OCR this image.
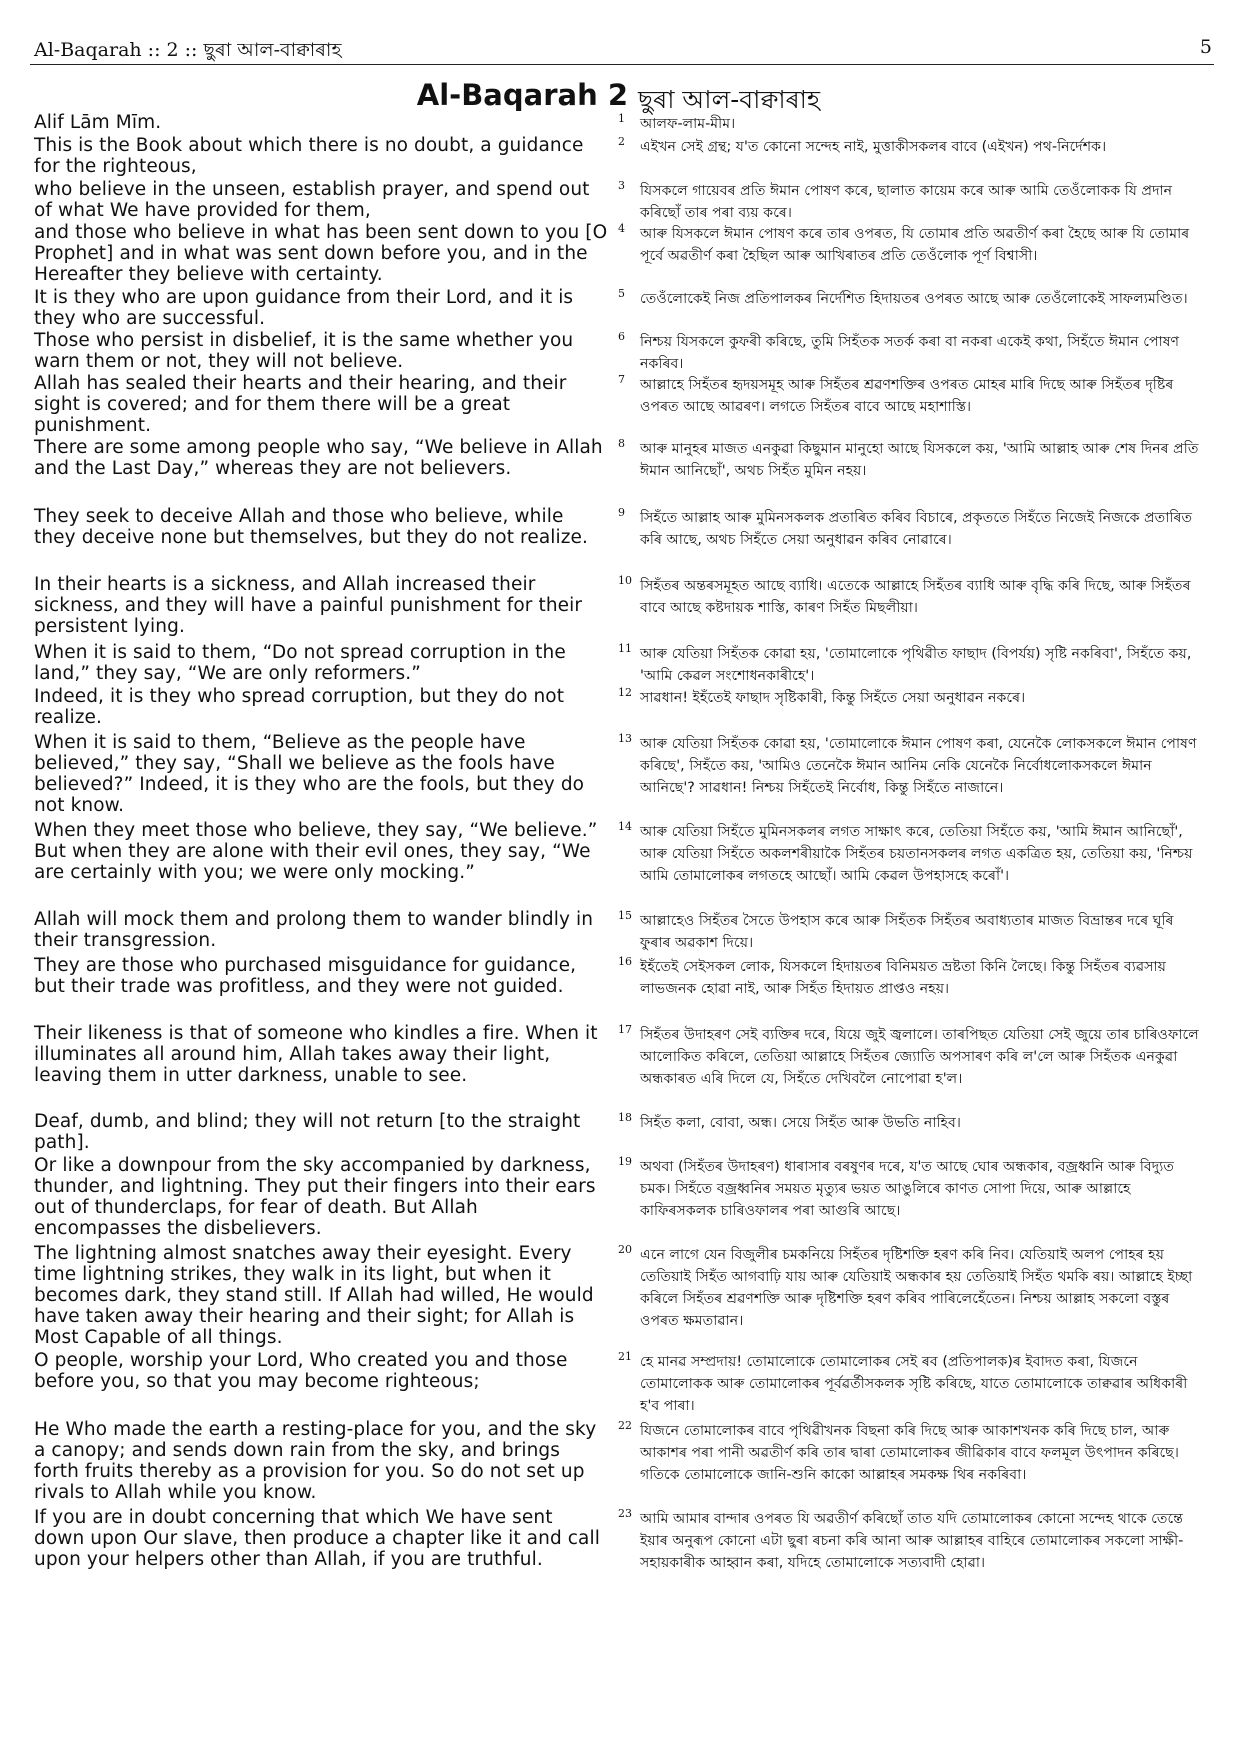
Al-Baqarah :: 2 :: ছুৰা আল-বাক্বাৰাহ	5
Al-Baqarah 2 ছুৰা আল-বাক্বাৰাহ
Alif Lām Mīm.	1 আলফ-লাম-মীম।
This is the Book about which there is no doubt, a guidance for the righteous,
2 এইখন সেই গ্ৰন্থ; য'ত কোনো সন্দেহ নাই, মুত্তাকীসকলৰ বাবে (এইখন) পথ-নিৰ্দেশক।
who believe in the unseen, establish prayer, and spend out of what We have provided for them,
3 যিসকলে গায়েবৰ প্ৰতি ঈমান পোষণ কৰে, ছালাত কায়েম কৰে আৰু আমি তেওঁলোকক যি প্ৰদান কৰিছোঁ তাৰ পৰা ব্যয় কৰে।
and those who believe in what has been sent down to you [O Prophet] and in what was sent down before you, and in the Hereafter they believe with certainty.
4 আৰু যিসকলে ঈমান পোষণ কৰে তাৰ ওপৰত, যি তোমাৰ প্ৰতি অৱতীৰ্ণ কৰা হৈছে আৰু যি তোমাৰ পূৰ্বে অৱতীৰ্ণ কৰা হৈছিল আৰু আখিৰাতৰ প্ৰতি তেওঁলোক পূৰ্ণ বিশ্বাসী।
It is they who are upon guidance from their Lord, and it is they who are successful.
5 তেওঁলোকেই নিজ প্ৰতিপালকৰ নিৰ্দেশিত হিদায়তৰ ওপৰত আছে আৰু তেওঁলোকেই সাফল্যমণ্ডিত।
Those who persist in disbelief, it is the same whether you warn them or not, they will not believe.
6 নিশ্চয় যিসকলে কুফৰী কৰিছে, তুমি সিহঁতক সতৰ্ক কৰা বা নকৰা একেই কথা, সিহঁতে ঈমান পোষণ নকৰিব।
Allah has sealed their hearts and their hearing, and their sight is covered; and for them there will be a great punishment.
7 আল্লাহে সিহঁতৰ হৃদয়সমূহ আৰু সিহঁতৰ শ্ৰৱণশক্তিৰ ওপৰত মোহৰ মাৰি দিছে আৰু সিহঁতৰ দৃষ্টিৰ ওপৰত আছে আৱৰণ। লগতে সিহঁতৰ বাবে আছে মহাশাস্তি।
There are some among people who say, “We believe in Allah and the Last Day,” whereas they are not believers.
8 আৰু মানুহৰ মাজত এনকুৱা কিছুমান মানুহো আছে যিসকলে কয়, 'আমি আল্লাহ আৰু শেষ দিনৰ প্ৰতি ঈমান আনিছোঁ', অথচ সিহঁত মুমিন নহয়।
They seek to deceive Allah and those who believe, while they deceive none but themselves, but they do not realize.
9 সিহঁতে আল্লাহ আৰু মুমিনসকলক প্ৰতাৰিত কৰিব বিচাৰে, প্ৰকৃততে সিহঁতে নিজেই নিজকে প্ৰতাৰিত কৰি আছে, অথচ সিহঁতে সেয়া অনুধাৱন কৰিব নোৱাৰে।
In their hearts is a sickness, and Allah increased their sickness, and they will have a painful punishment for their persistent lying.
10 সিহঁতৰ অন্তৰসমূহত আছে ব্যাধি। এতেকে আল্লাহে সিহঁতৰ ব্যাধি আৰু বৃদ্ধি কৰি দিছে, আৰু সিহঁতৰ বাবে আছে কষ্টদায়ক শাস্তি, কাৰণ সিহঁত মিছলীয়া।
When it is said to them, “Do not spread corruption in the land,” they say, “We are only reformers.”
11 আৰু যেতিয়া সিহঁতক কোৱা হয়, 'তোমালোকে পৃথিৱীত ফাছাদ (বিপৰ্যয়) সৃষ্টি নকৰিবা', সিহঁতে কয়, 'আমি কেৱল সংশোধনকাৰীহে'।
Indeed, it is they who spread corruption, but they do not realize.
12 সাৱধান! ইহঁতেই ফাছাদ সৃষ্টিকাৰী, কিন্তু সিহঁতে সেয়া অনুধাৱন নকৰে।
When it is said to them, “Believe as the people have believed,” they say, “Shall we believe as the fools have believed?” Indeed, it is they who are the fools, but they do not know.
13 আৰু যেতিয়া সিহঁতক কোৱা হয়, 'তোমালোকে ঈমান পোষণ কৰা, যেনেকৈ লোকসকলে ঈমান পোষণ কৰিছে', সিহঁতে কয়, 'আমিও তেনেকৈ ঈমান আনিম নেকি যেনেকৈ নিৰ্বোধলোকসকলে ঈমান আনিছে'? সাৱধান! নিশ্চয় সিহঁতেই নিৰ্বোধ, কিন্তু সিহঁতে নাজানে।
When they meet those who believe, they say, “We believe.” But when they are alone with their evil ones, they say, “We are certainly with you; we were only mocking.”
14 আৰু যেতিয়া সিহঁতে মুমিনসকলৰ লগত সাক্ষাৎ কৰে, তেতিয়া সিহঁতে কয়, 'আমি ঈমান আনিছোঁ', আৰু যেতিয়া সিহঁতে অকলশৰীয়াকৈ সিহঁতৰ চয়তানসকলৰ লগত একত্ৰিত হয়, তেতিয়া কয়, 'নিশ্চয় আমি তোমালোকৰ লগতহে আছোঁ। আমি কেৱল উপহাসহে কৰোঁ'।
Allah will mock them and prolong them to wander blindly in their transgression.
15 আল্লাহেও সিহঁতৰ সৈতে উপহাস কৰে আৰু সিহঁতক সিহঁতৰ অবাধ্যতাৰ মাজত বিভ্ৰান্তৰ দৰে ঘূৰি ফুৰাৰ অৱকাশ দিয়ে।
They are those who purchased misguidance for guidance, but their trade was profitless, and they were not guided.
16 ইহঁতেই সেইসকল লোক, যিসকলে হিদায়তৰ বিনিময়ত ভ্ৰষ্টতা কিনি লৈছে। কিন্তু সিহঁতৰ ব্যৱসায় লাভজনক হোৱা নাই, আৰু সিহঁত হিদায়ত প্ৰাপ্তও নহয়।
Their likeness is that of someone who kindles a fire. When it illuminates all around him, Allah takes away their light, leaving them in utter darkness, unable to see.
17 সিহঁতৰ উদাহৰণ সেই ব্যক্তিৰ দৰে, যিয়ে জুই জ্বলালে। তাৰপিছত যেতিয়া সেই জুয়ে তাৰ চাৰিওফালে আলোকিত কৰিলে, তেতিয়া আল্লাহে সিহঁতৰ জ্যোতি অপসাৰণ কৰি ল'লে আৰু সিহঁতক এনকুৱা অন্ধকাৰত এৰি দিলে যে, সিহঁতে দেখিবলৈ নোপোৱা হ'ল।
Deaf, dumb, and blind; they will not return [to the straight path].
18 সিহঁত কলা, বোবা, অন্ধ। সেয়ে সিহঁত আৰু উভতি নাহিব।
Or like a downpour from the sky accompanied by darkness, thunder, and lightning. They put their fingers into their ears out of thunderclaps, for fear of death. But Allah encompasses the disbelievers.
19 অথবা (সিহঁতৰ উদাহৰণ) ধাৰাসাৰ বৰষুণৰ দৰে, য'ত আছে ঘোৰ অন্ধকাৰ, বজ্ৰধ্বনি আৰু বিদ্যুত চমক। সিহঁতে বজ্ৰধ্বনিৰ সময়ত মৃত্যুৰ ভয়ত আঙুলিৰে কাণত সোপা দিয়ে, আৰু আল্লাহে কাফিৰসকলক চাৰিওফালৰ পৰা আগুৰি আছে।
The lightning almost snatches away their eyesight. Every time lightning strikes, they walk in its light, but when it becomes dark, they stand still. If Allah had willed, He would have taken away their hearing and their sight; for Allah is Most Capable of all things.
20 এনে লাগে যেন বিজুলীৰ চমকনিয়ে সিহঁতৰ দৃষ্টিশক্তি হৰণ কৰি নিব। যেতিয়াই অলপ পোহৰ হয় তেতিয়াই সিহঁত আগবাঢ়ি যায় আৰু যেতিয়াই অন্ধকাৰ হয় তেতিয়াই সিহঁত থমকি ৰয়। আল্লাহে ইচ্ছা কৰিলে সিহঁতৰ শ্ৰৱণশক্তি আৰু দৃষ্টিশক্তি হৰণ কৰিব পাৰিলেহেঁতেন। নিশ্চয় আল্লাহ সকলো বস্তুৰ ওপৰত ক্ষমতাৱান।
O people, worship your Lord, Who created you and those before you, so that you may become righteous;
21 হে মানৱ সম্প্ৰদায়! তোমালোকে তোমালোকৰ সেই ৰব (প্ৰতিপালক)ৰ ইবাদত কৰা, যিজনে তোমালোকক আৰু তোমালোকৰ পূৰ্বৱৰ্তীসকলক সৃষ্টি কৰিছে, যাতে তোমালোকে তাক্বৱাৰ অধিকাৰী হ'ব পাৰা।
He Who made the earth a resting-place for you, and the sky a canopy; and sends down rain from the sky, and brings forth fruits thereby as a provision for you. So do not set up rivals to Allah while you know.
22 যিজনে তোমালোকৰ বাবে পৃথিৱীখনক বিছনা কৰি দিছে আৰু আকাশখনক কৰি দিছে চাল, আৰু আকাশৰ পৰা পানী অৱতীৰ্ণ কৰি তাৰ দ্বাৰা তোমালোকৰ জীৱিকাৰ বাবে ফলমূল উৎপাদন কৰিছে। গতিকে তোমালোকে জানি-শুনি কাকো আল্লাহৰ সমকক্ষ থিৰ নকৰিবা।
If you are in doubt concerning that which We have sent down upon Our slave, then produce a chapter like it and call upon your helpers other than Allah, if you are truthful.
23 আমি আমাৰ বান্দাৰ ওপৰত যি অৱতীৰ্ণ কৰিছোঁ তাত যদি তোমালোকৰ কোনো সন্দেহ থাকে তেন্তে ইয়াৰ অনুৰূপ কোনো এটা ছুৰা ৰচনা কৰি আনা আৰু আল্লাহৰ বাহিৰে তোমালোকৰ সকলো সাক্ষী-সহায়কাৰীক আহ্বান কৰা, যদিহে তোমালোকে সত্যবাদী হোৱা।
